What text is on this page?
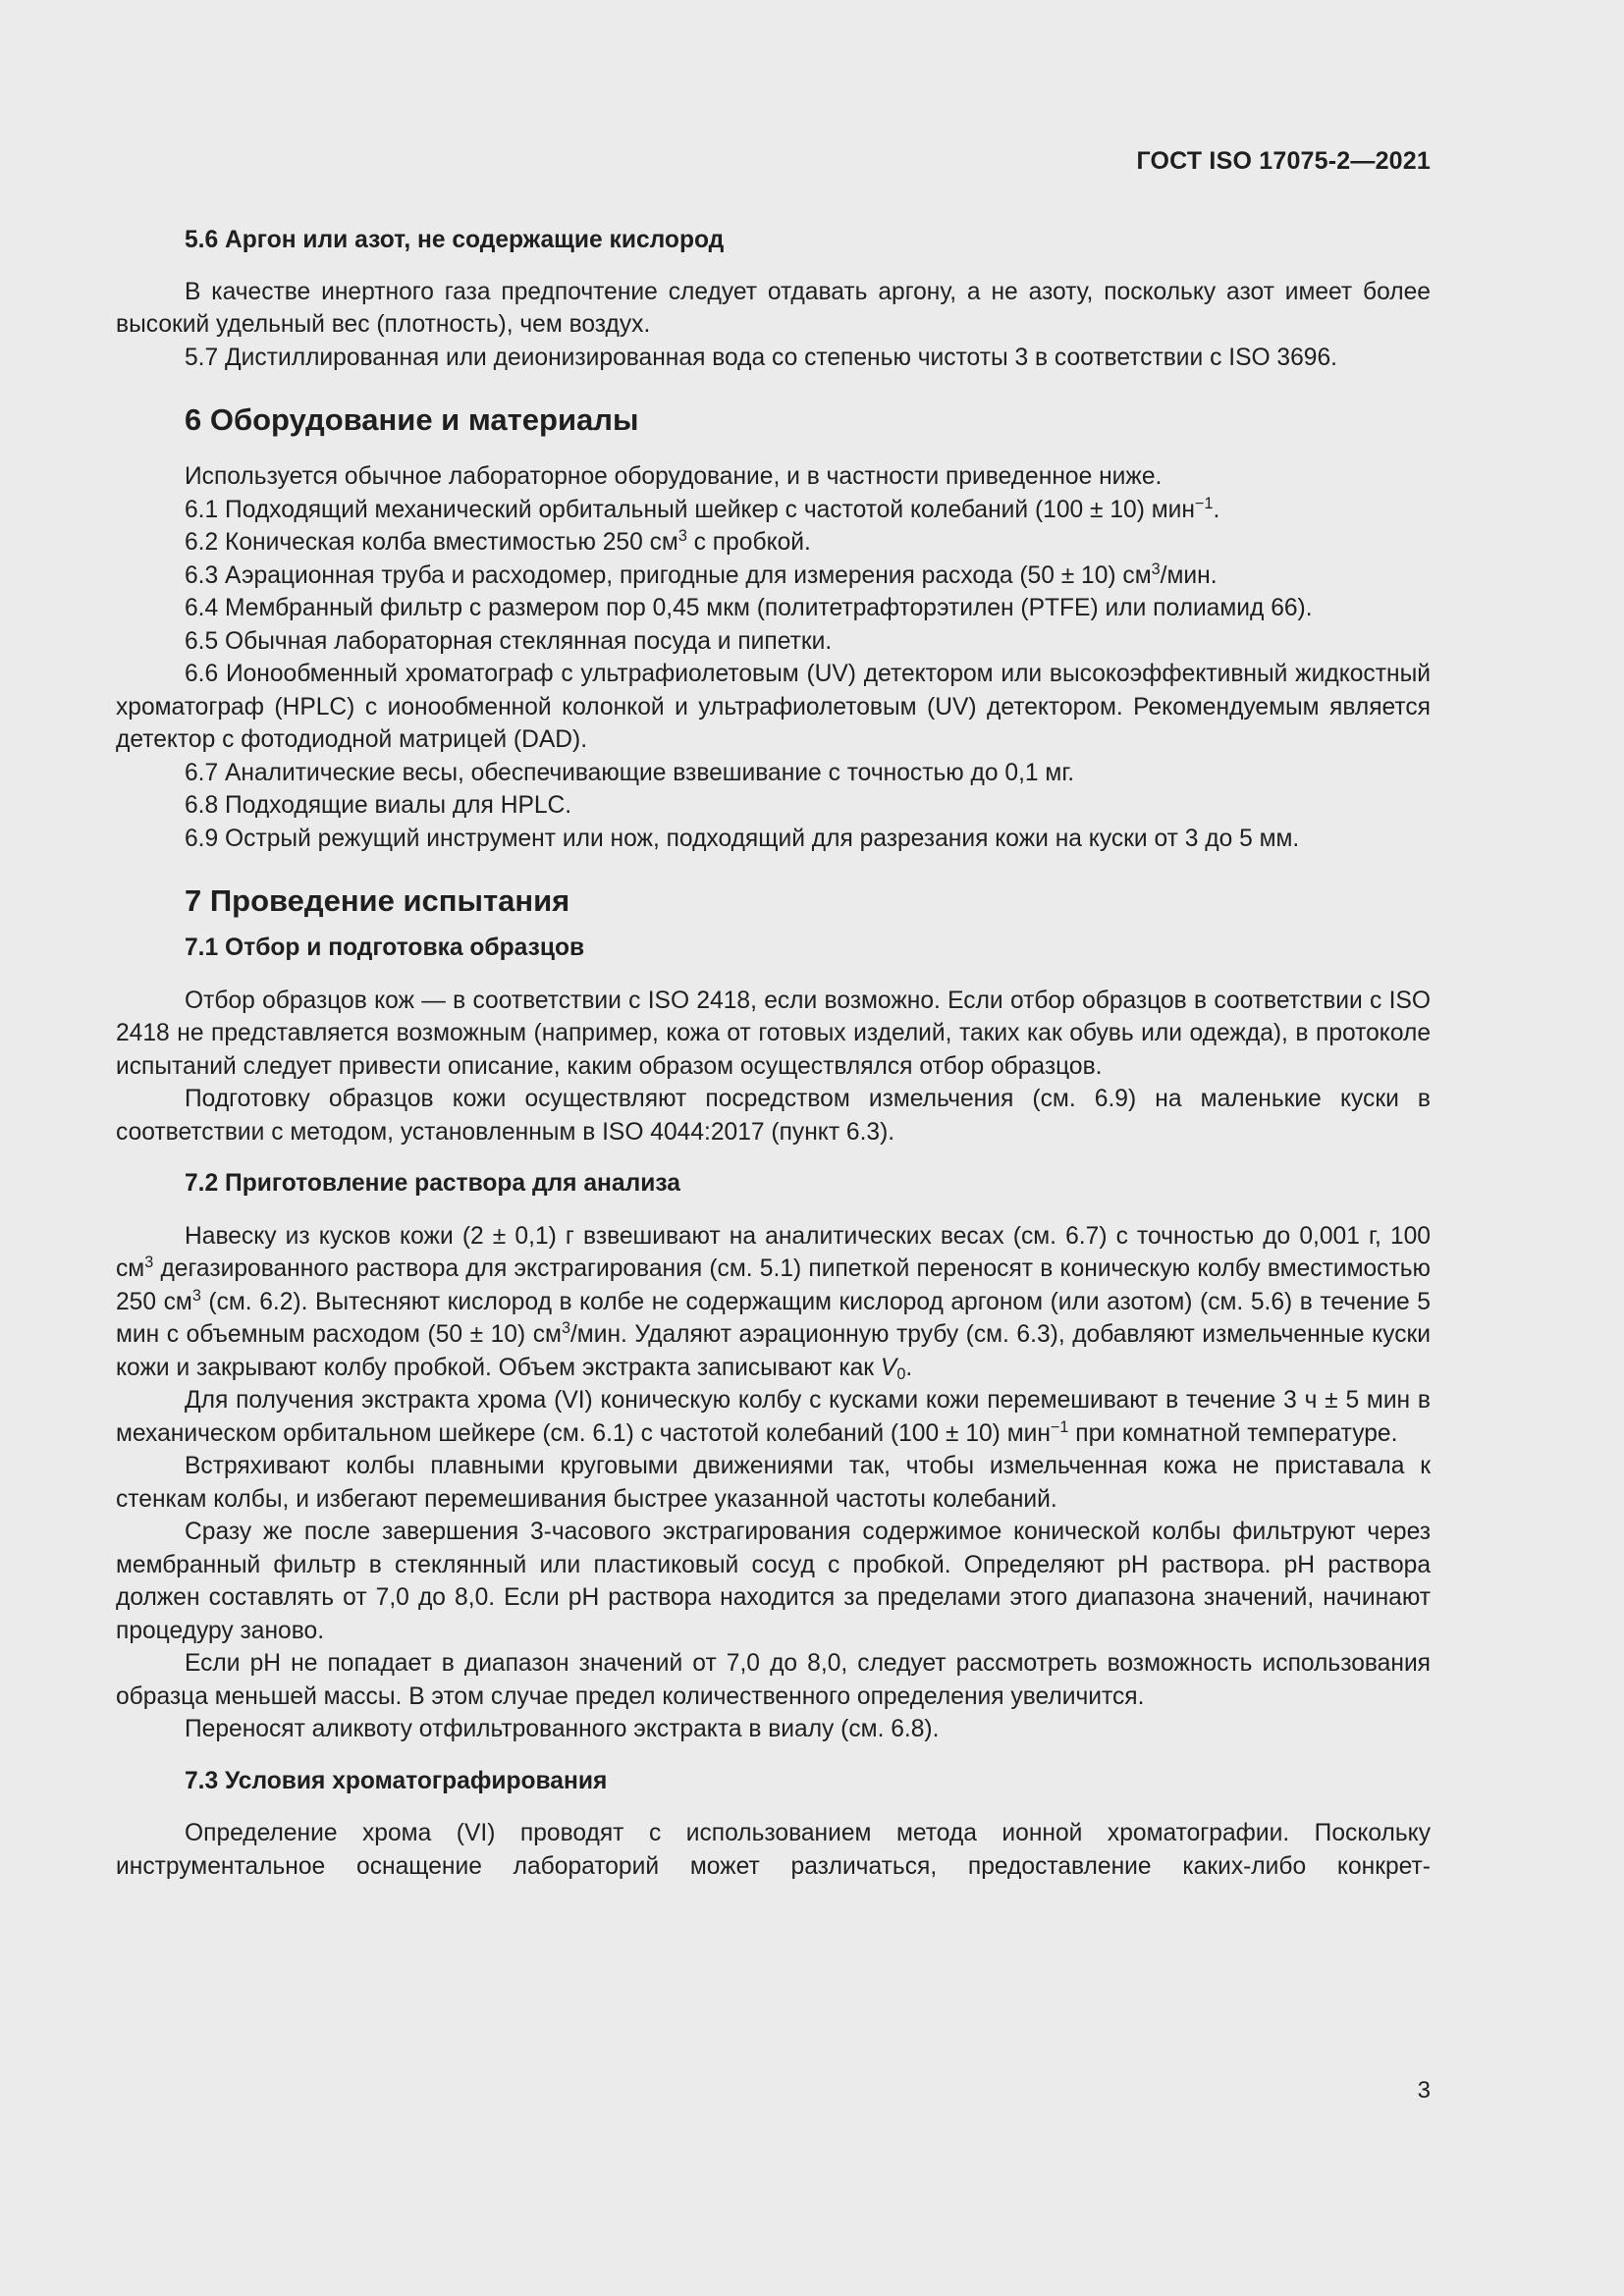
ГОСТ ISO 17075-2—2021

5.6 Аргон или азот, не содержащие кислород

В качестве инертного газа предпочтение следует отдавать аргону, а не азоту, поскольку азот имеет более высокий удельный вес (плотность), чем воздух.

5.7 Дистиллированная или деионизированная вода со степенью чистоты 3 в соответствии с ISO 3696.

6 Оборудование и материалы

Используется обычное лабораторное оборудование, и в частности приведенное ниже.

6.1 Подходящий механический орбитальный шейкер с частотой колебаний (100 ± 10) мин$^{-1}$.

6.2 Коническая колба вместимостью 250 $см^3$ с пробкой.

6.3 Аэрационная труба и расходомер, пригодные для измерения расхода (50 ± 10) $см^3$/мин.

6.4 Мембранный фильтр с размером пор 0,45 мкм (политетрафторэтилен (PTFE) или полиамид 66).

6.5 Обычная лабораторная стеклянная посуда и пипетки.

6.6 Ионообменный хроматограф с ультрафиолетовым (UV) детектором или высокоэффективный жидкостный хроматограф (HPLC) с ионообменной колонкой и ультрафиолетовым (UV) детектором. Рекомендуемым является детектор с фотодиодной матрицей (DAD).

6.7 Аналитические весы, обеспечивающие взвешивание с точностью до 0,1 мг.

6.8 Подходящие виалы для HPLC.

6.9 Острый режущий инструмент или нож, подходящий для разрезания кожи на куски от 3 до 5 мм.

7 Проведение испытания

7.1 Отбор и подготовка образцов

Отбор образцов кож — в соответствии с ISO 2418, если возможно. Если отбор образцов в соответствии с ISO 2418 не представляется возможным (например, кожа от готовых изделий, таких как обувь или одежда), в протоколе испытаний следует привести описание, каким образом осуществлялся отбор образцов.

Подготовку образцов кожи осуществляют посредством измельчения (см. 6.9) на маленькие куски в соответствии с методом, установленным в ISO 4044:2017 (пункт 6.3).

7.2 Приготовление раствора для анализа

Навеску из кусков кожи (2 ± 0,1) г взвешивают на аналитических весах (см. 6.7) с точностью до 0,001 г, 100 $см^3$ дегазированного раствора для экстрагирования (см. 5.1) пипеткой переносят в коническую колбу вместимостью 250 $см^3$ (см. 6.2). Вытесняют кислород в колбе не содержащим кислород аргоном (или азотом) (см. 5.6) в течение 5 мин с объемным расходом (50 ± 10) $см^3$/мин. Удаляют аэрационную трубу (см. 6.3), добавляют измельченные куски кожи и закрывают колбу пробкой. Объем экстракта записывают как $V_0$.

Для получения экстракта хрома (VI) коническую колбу с кусками кожи перемешивают в течение 3 ч ± 5 мин в механическом орбитальном шейкере (см. 6.1) с частотой колебаний (100 ± 10) мин$^{-1}$ при комнатной температуре.

Встряхивают колбы плавными круговыми движениями так, чтобы измельченная кожа не приставала к стенкам колбы, и избегают перемешивания быстрее указанной частоты колебаний.

Сразу же после завершения 3-часового экстрагирования содержимое конической колбы фильтруют через мембранный фильтр в стеклянный или пластиковый сосуд с пробкой. Определяют pH раствора. pH раствора должен составлять от 7,0 до 8,0. Если pH раствора находится за пределами этого диапазона значений, начинают процедуру заново.

Если pH не попадает в диапазон значений от 7,0 до 8,0, следует рассмотреть возможность использования образца меньшей массы. В этом случае предел количественного определения увеличится.

Переносят аликвоту отфильтрованного экстракта в виалу (см. 6.8).

7.3 Условия хроматографирования

Определение хрома (VI) проводят с использованием метода ионной хроматографии. Поскольку инструментальное оснащение лабораторий может различаться, предоставление каких-либо конкрет-

3
